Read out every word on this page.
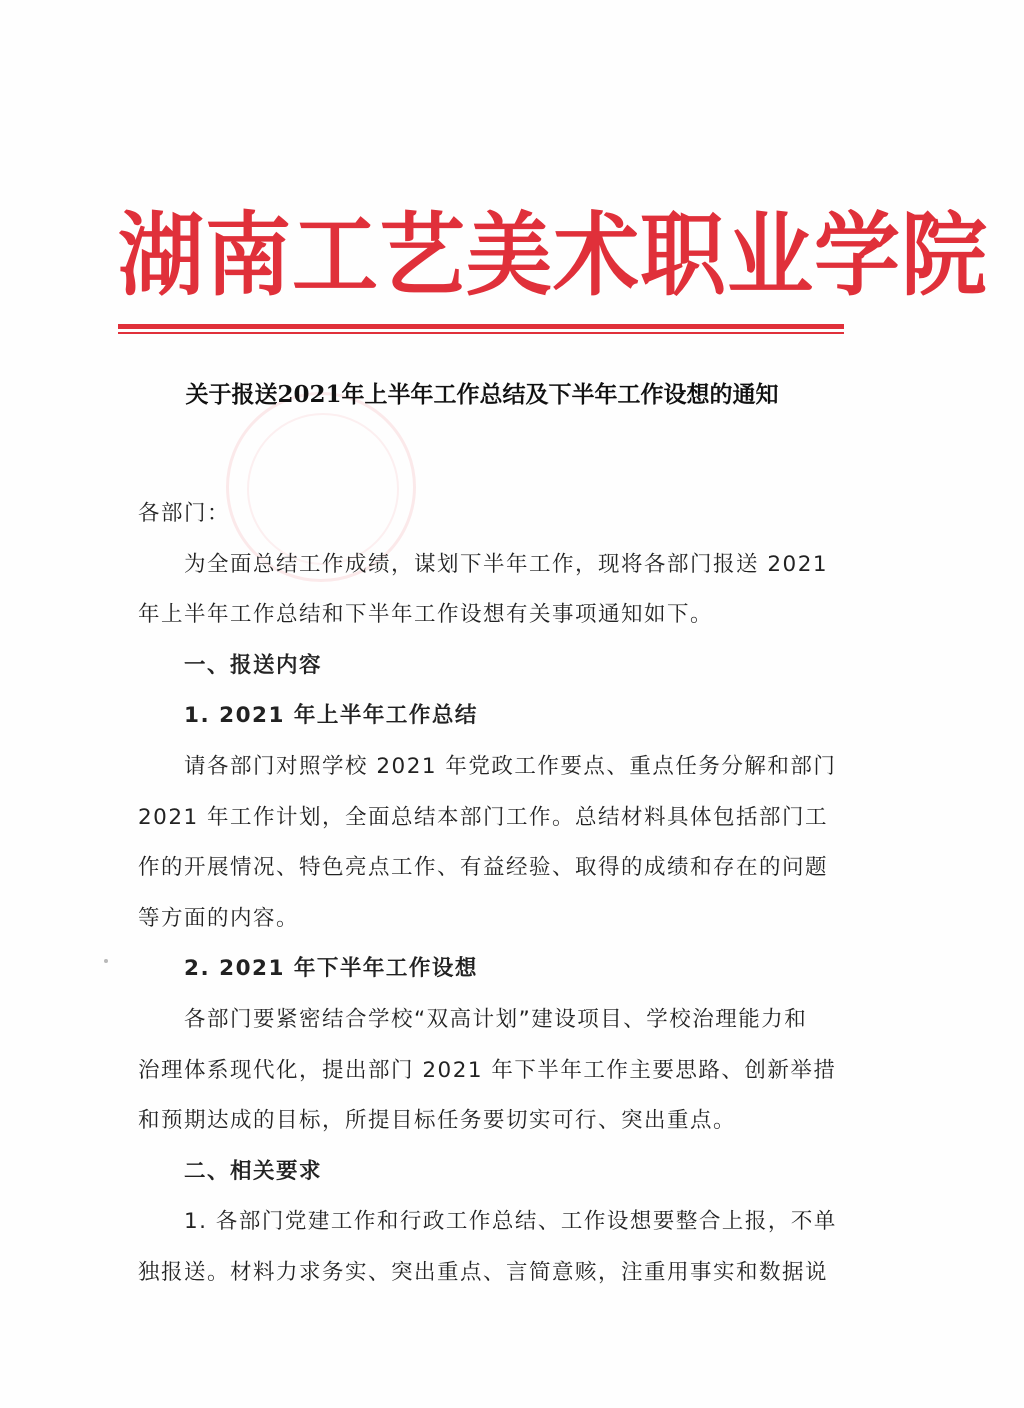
湖南工艺美术职业学院
关于报送2021年上半年工作总结及下半年工作设想的通知
各部门：
为全面总结工作成绩，谋划下半年工作，现将各部门报送 2021
年上半年工作总结和下半年工作设想有关事项通知如下。
一、报送内容
1. 2021 年上半年工作总结
请各部门对照学校 2021 年党政工作要点、重点任务分解和部门
2021 年工作计划，全面总结本部门工作。总结材料具体包括部门工
作的开展情况、特色亮点工作、有益经验、取得的成绩和存在的问题
等方面的内容。
2. 2021 年下半年工作设想
各部门要紧密结合学校“双高计划”建设项目、学校治理能力和
治理体系现代化，提出部门 2021 年下半年工作主要思路、创新举措
和预期达成的目标，所提目标任务要切实可行、突出重点。
二、相关要求
1. 各部门党建工作和行政工作总结、工作设想要整合上报，不单
独报送。材料力求务实、突出重点、言简意赅，注重用事实和数据说
